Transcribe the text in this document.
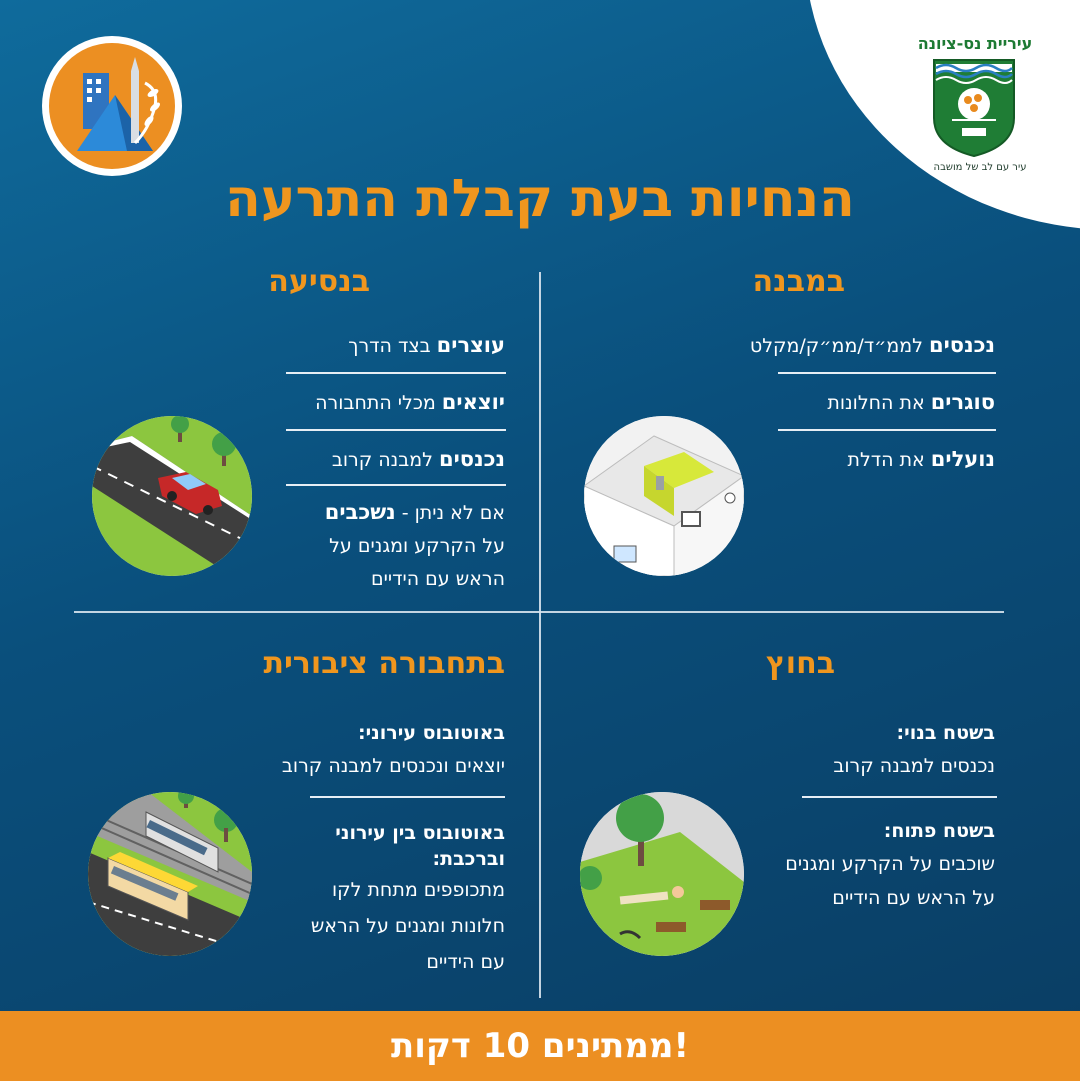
עיריית נס-ציונה
עיר עם לב של מושבה
הנחיות בעת קבלת התרעה
במבנה
נכנסיםלממ״ד/ממ״ק/מקלט
סוגריםאת החלונות
נועליםאת הדלת
בנסיעה
עוצריםבצד הדרך
יוצאיםמכלי התחבורה
נכנסיםלמבנה קרוב
אם לא ניתן - נשכבים
על הקרקע ומגנים על
הראש עם הידיים
בחוץ
בשטח בנוי:
נכנסים למבנה קרוב
בשטח פתוח:
שוכבים על הקרקע ומגנים
על הראש עם הידיים
בתחבורה ציבורית
באוטובוס עירוני:
יוצאים ונכנסים למבנה קרוב
באוטובוס בין עירוני
וברכבת:
מתכופפים מתחת לקו
חלונות ומגנים על הראש
עם הידיים
ממתינים 10 דקות!
